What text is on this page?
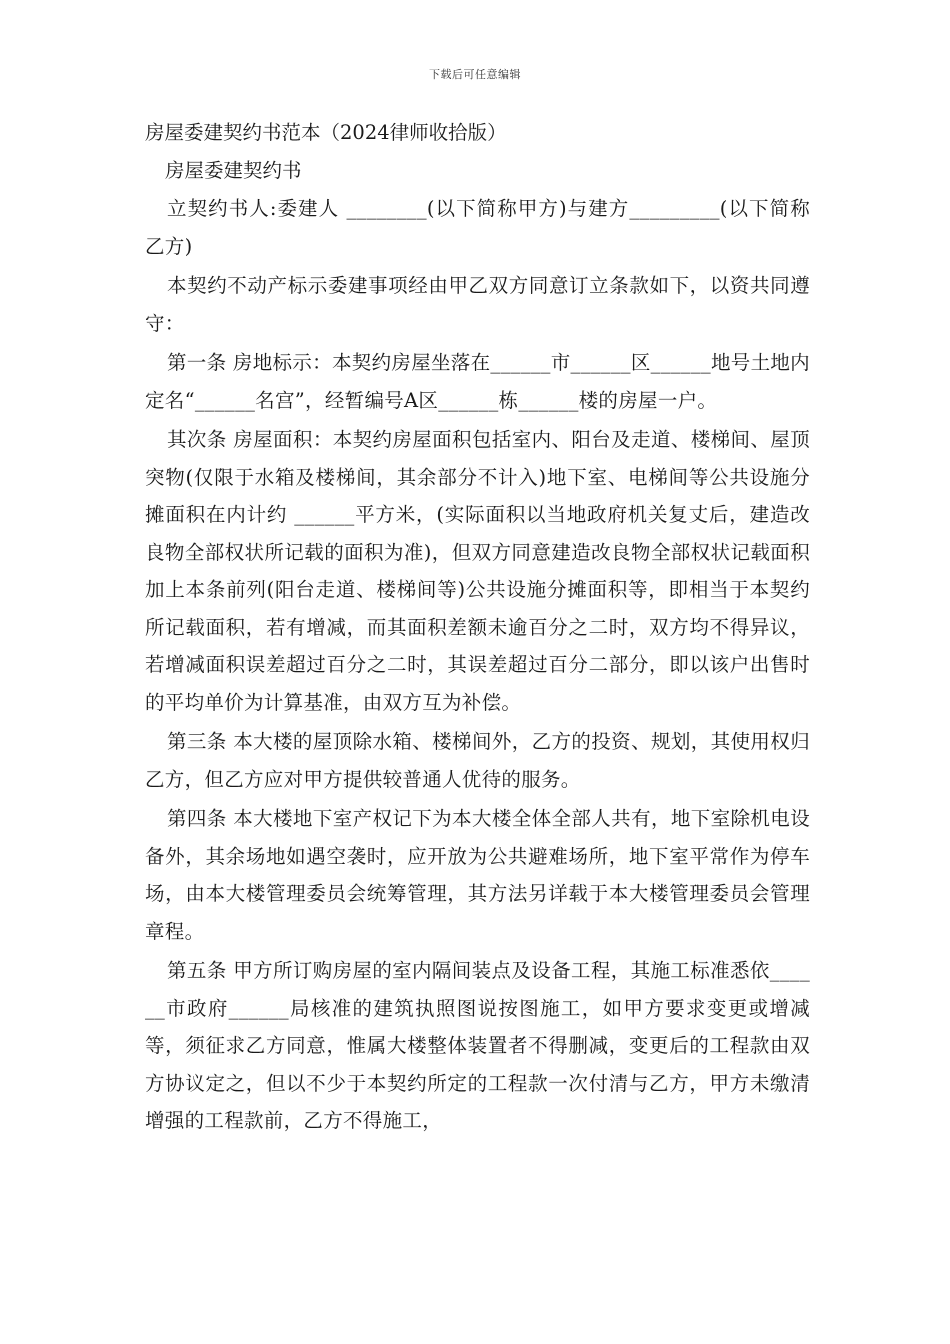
下载后可任意编辑

房屋委建契约书范本（2024律师收拾版）

房屋委建契约书

立契约书人:委建人 ________(以下简称甲方)与建方_________(以下简称乙方)

本契约不动产标示委建事项经由甲乙双方同意订立条款如下，以资共同遵守：

第一条 房地标示：本契约房屋坐落在______市______区______地号土地内定名“______名宫”，经暂编号A区______栋______楼的房屋一户。

其次条 房屋面积：本契约房屋面积包括室内、阳台及走道、楼梯间、屋顶突物(仅限于水箱及楼梯间，其余部分不计入)地下室、电梯间等公共设施分摊面积在内计约 ______平方米，(实际面积以当地政府机关复丈后，建造改良物全部权状所记载的面积为准)，但双方同意建造改良物全部权状记载面积加上本条前列(阳台走道、楼梯间等)公共设施分摊面积等，即相当于本契约所记载面积，若有增减，而其面积差额未逾百分之二时，双方均不得异议，若增减面积误差超过百分之二时，其误差超过百分二部分，即以该户出售时的平均单价为计算基准，由双方互为补偿。

第三条 本大楼的屋顶除水箱、楼梯间外，乙方的投资、规划，其使用权归乙方，但乙方应对甲方提供较普通人优待的服务。

第四条 本大楼地下室产权记下为本大楼全体全部人共有，地下室除机电设备外，其余场地如遇空袭时，应开放为公共避难场所，地下室平常作为停车场，由本大楼管理委员会统筹管理，其方法另详载于本大楼管理委员会管理章程。

第五条 甲方所订购房屋的室内隔间装点及设备工程，其施工标准悉依______市政府______局核准的建筑执照图说按图施工，如甲方要求变更或增减等，须征求乙方同意，惟属大楼整体装置者不得删减，变更后的工程款由双方协议定之，但以不少于本契约所定的工程款一次付清与乙方，甲方未缴清增强的工程款前，乙方不得施工，
